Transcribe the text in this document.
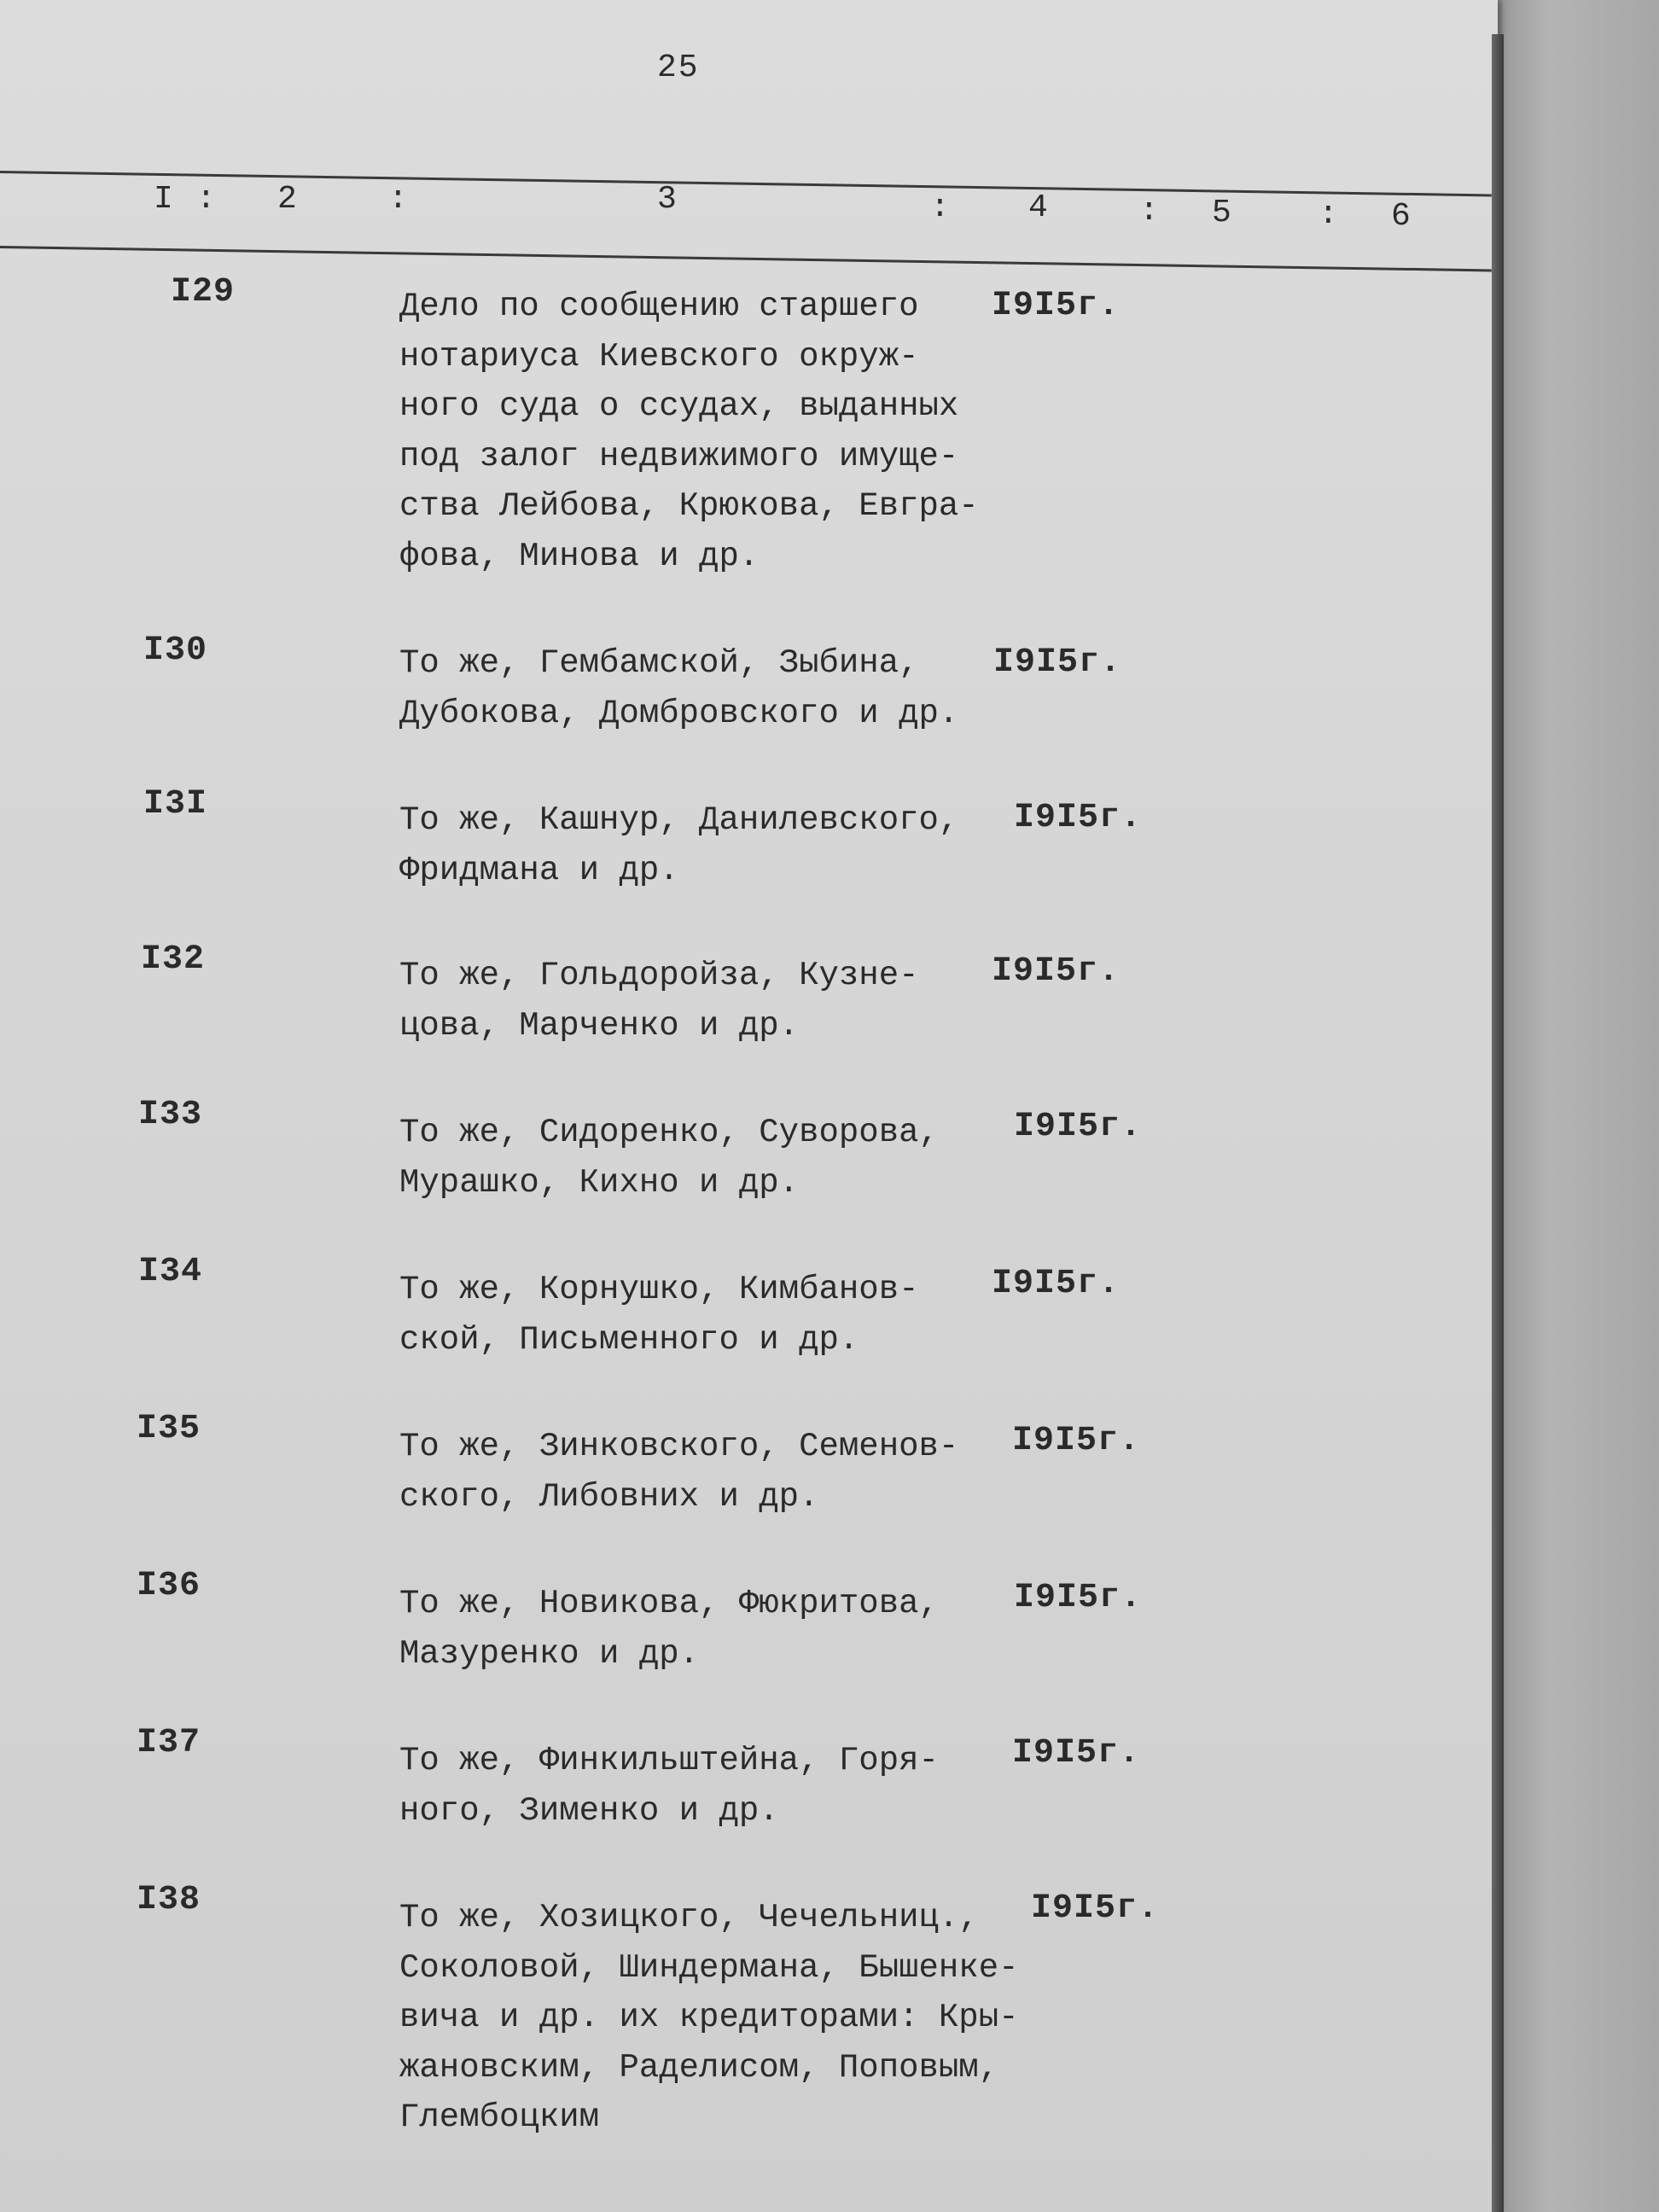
25
I : 2	:	3	: 4	: 5	: 6
I29	Дело по сообщению старшего
нотариуса Киевского окруж-
ного суда о ссудах, выданных
под залог недвижимого имуще-
ства Лейбова, Крюкова, Евгра-
фова, Минова и др.
I9I5г.
I30	То же, Гембамской, Зыбина,
Дубокова, Домбровского и др.
I9I5г.
I3I	То же, Кашнур, Данилевского,
Фридмана и др.
I9I5г.
I32	То же, Гольдоройза, Кузне-
цова, Марченко и др.
I9I5г.
I33	То же, Сидоренко, Суворова,
Мурашко, Кихно и др.
I9I5г.
I34	То же, Корнушко, Кимбанов-
ской, Письменного и др.
I9I5г.
I35	То же, Зинковского, Семенов-
ского, Либовних и др.
I9I5г.
I36	То же, Новикова, Фюкритова,
Мазуренко и др.
I9I5г.
I37	То же, Финкильштейна, Горя-
ного, Зименко и др.
I9I5г.
I38	То же, Хозицкого, Чечельниц.,
Соколовой, Шиндермана, Бышенке-
вича и др. их кредиторами: Кры-
жановским, Раделисом, Поповым,
Глембоцким
I9I5г.
